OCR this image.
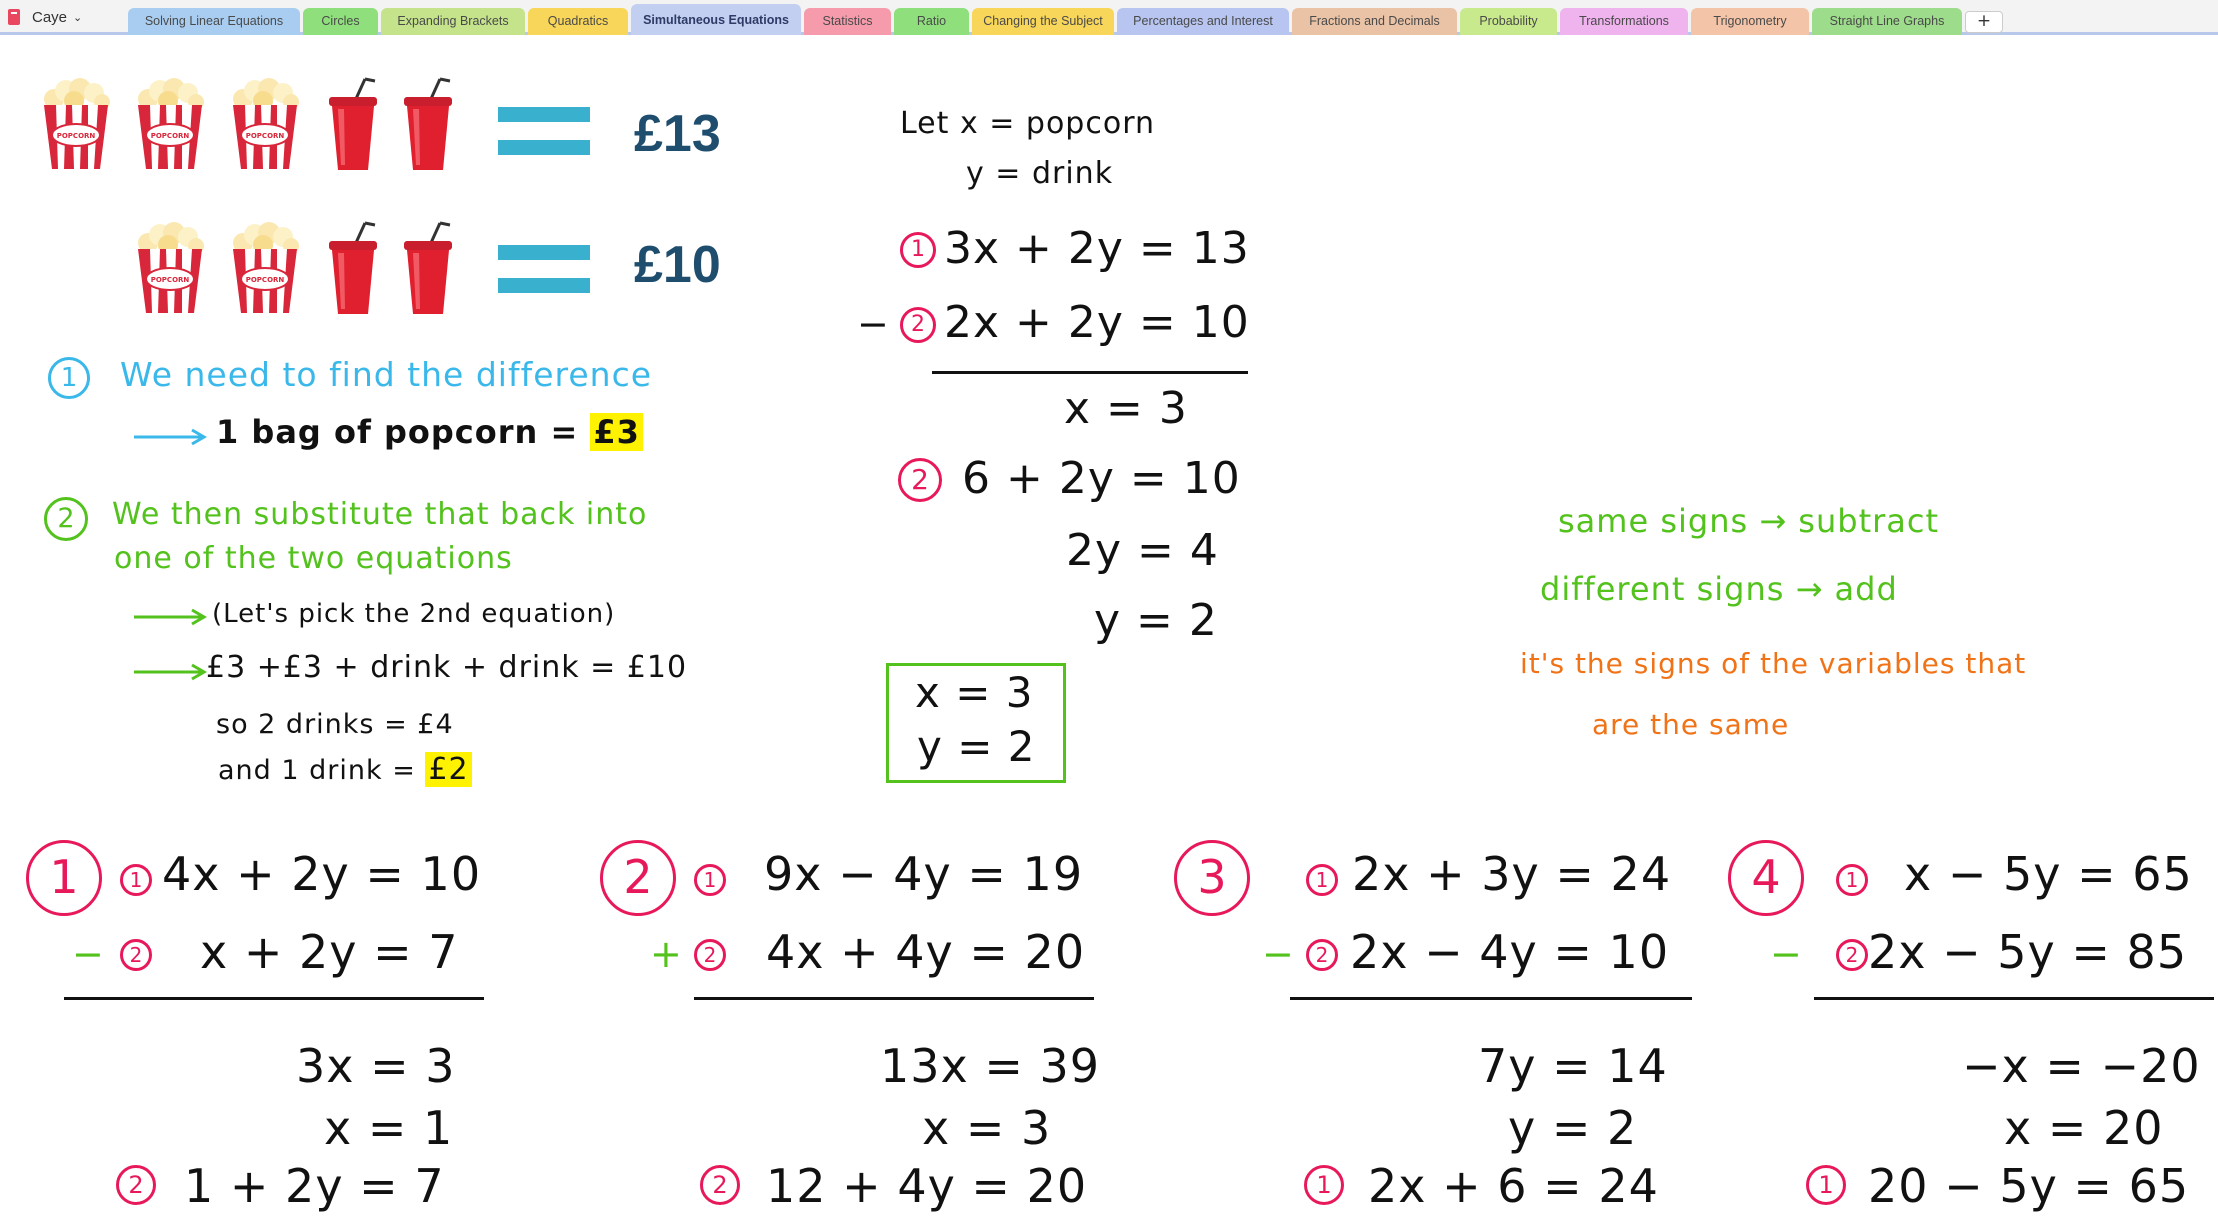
Caye ⌄	Solving Linear Equations	Circles	Expanding Brackets	Quadratics	Simultaneous Equations	Statistics	Ratio	Changing the Subject	Percentages and Interest	Fractions and Decimals	Probability	Transformations	Trigonometry	Straight Line Graphs	+
POPCORN	POPCORN	POPCORN	£13
POPCORN	POPCORN	£10
1	We need to find the difference
1 bag of popcorn = £3
2	We then substitute that back into
one of the two equations
(Let's pick the 2nd equation)
£3 +£3 + drink + drink = £10
so 2 drinks = £4
and 1 drink = £2
Let x = popcorn
y = drink
1 3x + 2y = 13
−	2 2x + 2y = 10
x = 3
2 6 + 2y = 10
2y = 4
y = 2
x = 3
y = 2
same signs → subtract
different signs → add
it's the signs of the variables that
are the same
1	1 4x + 2y = 10
−	2 x + 2y = 7
3x = 3
x = 1
2 1 + 2y = 7
2	1 9x − 4y = 19
+	2 4x + 4y = 20
13x = 39
x = 3
2 12 + 4y = 20
3	1 2x + 3y = 24
−	2 2x − 4y = 10
7y = 14
y = 2
1 2x + 6 = 24
4	1 x − 5y = 65
−	2 2x − 5y = 85
−x = −20
x = 20
1 20 − 5y = 65
